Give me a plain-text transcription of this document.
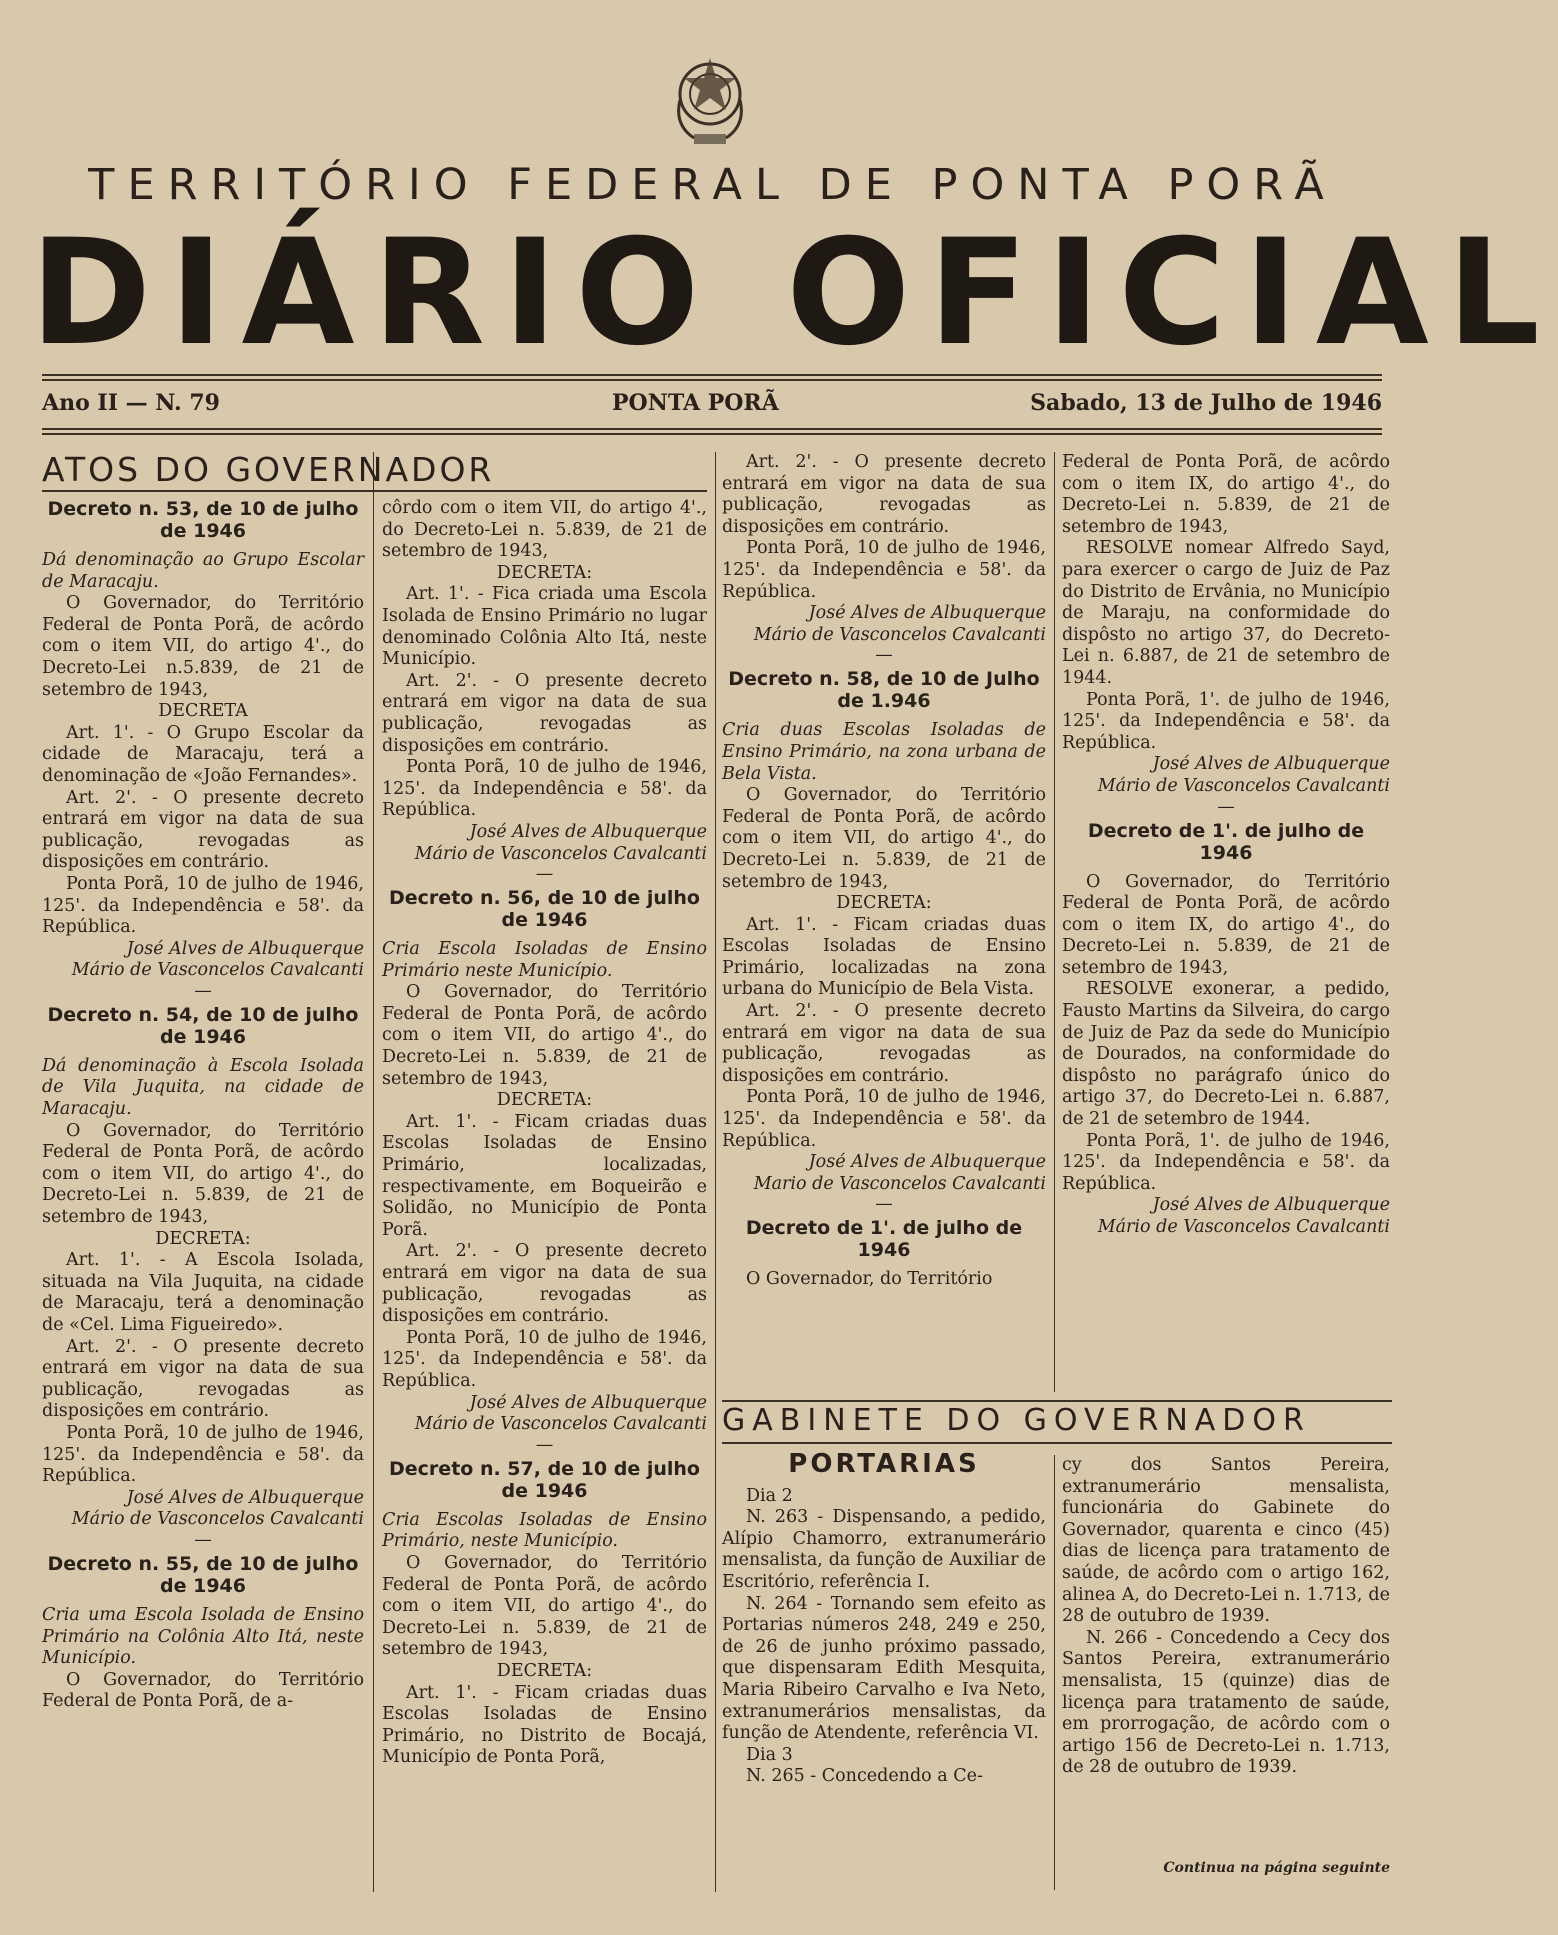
TERRITÓRIO FEDERAL DE PONTA PORÃ
DIÁRIO OFICIAL
Ano II — N. 79	PONTA PORÃ	Sabado, 13 de Julho de 1946
ATOS DO GOVERNADOR
Decreto n. 53, de 10 de julho de 1946

Dá denominação ao Grupo Escolar de Maracaju.

O Governador, do Território Federal de Ponta Porã, de acôrdo com o item VII, do artigo 4'., do Decreto-Lei n.5.839, de 21 de setembro de 1943,

DECRETA

Art. 1'. - O Grupo Escolar da cidade de Maracaju, terá a denominação de «João Fernandes».

Art. 2'. - O presente decreto entrará em vigor na data de sua publicação, revogadas as disposições em contrário.

Ponta Porã, 10 de julho de 1946, 125'. da Independência e 58'. da República.

José Alves de Albuquerque

Mário de Vasconcelos Cavalcanti

—
Decreto n. 54, de 10 de julho de 1946

Dá denominação à Escola Isolada de Vila Juquita, na cidade de Maracaju.

O Governador, do Território Federal de Ponta Porã, de acôrdo com o item VII, do artigo 4'., do Decreto-Lei n. 5.839, de 21 de setembro de 1943,

DECRETA:

Art. 1'. - A Escola Isolada, situada na Vila Juquita, na cidade de Maracaju, terá a denominação de «Cel. Lima Figueiredo».

Art. 2'. - O presente decreto entrará em vigor na data de sua publicação, revogadas as disposições em contrário.

Ponta Porã, 10 de julho de 1946, 125'. da Independência e 58'. da República.

José Alves de Albuquerque

Mário de Vasconcelos Cavalcanti

—
Decreto n. 55, de 10 de julho de 1946

Cria uma Escola Isolada de Ensino Primário na Colônia Alto Itá, neste Município.

O Governador, do Território Federal de Ponta Porã, de a-

côrdo com o item VII, do artigo 4'., do Decreto-Lei n. 5.839, de 21 de setembro de 1943,

DECRETA:

Art. 1'. - Fica criada uma Escola Isolada de Ensino Primário no lugar denominado Colônia Alto Itá, neste Município.

Art. 2'. - O presente decreto entrará em vigor na data de sua publicação, revogadas as disposições em contrário.

Ponta Porã, 10 de julho de 1946, 125'. da Independência e 58'. da República.

José Alves de Albuquerque

Mário de Vasconcelos Cavalcanti

—
Decreto n. 56, de 10 de julho de 1946

Cria Escola Isoladas de Ensino Primário neste Município.

O Governador, do Território Federal de Ponta Porã, de acôrdo com o item VII, do artigo 4'., do Decreto-Lei n. 5.839, de 21 de setembro de 1943,

DECRETA:

Art. 1'. - Ficam criadas duas Escolas Isoladas de Ensino Primário, localizadas, respectivamente, em Boqueirão e Solidão, no Município de Ponta Porã.

Art. 2'. - O presente decreto entrará em vigor na data de sua publicação, revogadas as disposições em contrário.

Ponta Porã, 10 de julho de 1946, 125'. da Independência e 58'. da República.

José Alves de Albuquerque

Mário de Vasconcelos Cavalcanti

—
Decreto n. 57, de 10 de julho de 1946

Cria Escolas Isoladas de Ensino Primário, neste Município.

O Governador, do Território Federal de Ponta Porã, de acôrdo com o item VII, do artigo 4'., do Decreto-Lei n. 5.839, de 21 de setembro de 1943,

DECRETA:

Art. 1'. - Ficam criadas duas Escolas Isoladas de Ensino Primário, no Distrito de Bocajá, Município de Ponta Porã,

Art. 2'. - O presente decreto entrará em vigor na data de sua publicação, revogadas as disposições em contrário.

Ponta Porã, 10 de julho de 1946, 125'. da Independência e 58'. da República.

José Alves de Albuquerque

Mário de Vasconcelos Cavalcanti

—
Decreto n. 58, de 10 de Julho de 1.946

Cria duas Escolas Isoladas de Ensino Primário, na zona urbana de Bela Vista.

O Governador, do Território Federal de Ponta Porã, de acôrdo com o item VII, do artigo 4'., do Decreto-Lei n. 5.839, de 21 de setembro de 1943,

DECRETA:

Art. 1'. - Ficam criadas duas Escolas Isoladas de Ensino Primário, localizadas na zona urbana do Município de Bela Vista.

Art. 2'. - O presente decreto entrará em vigor na data de sua publicação, revogadas as disposições em contrário.

Ponta Porã, 10 de julho de 1946, 125'. da Independência e 58'. da República.

José Alves de Albuquerque

Mario de Vasconcelos Cavalcanti

—
Decreto de 1'. de julho de 1946

O Governador, do Território

Federal de Ponta Porã, de acôrdo com o item IX, do artigo 4'., do Decreto-Lei n. 5.839, de 21 de setembro de 1943,

RESOLVE nomear Alfredo Sayd, para exercer o cargo de Juiz de Paz do Distrito de Ervânia, no Município de Maraju, na conformidade do dispôsto no artigo 37, do Decreto-Lei n. 6.887, de 21 de setembro de 1944.

Ponta Porã, 1'. de julho de 1946, 125'. da Independência e 58'. da República.

José Alves de Albuquerque

Mário de Vasconcelos Cavalcanti

—
Decreto de 1'. de julho de 1946

O Governador, do Território Federal de Ponta Porã, de acôrdo com o item IX, do artigo 4'., do Decreto-Lei n. 5.839, de 21 de setembro de 1943,

RESOLVE exonerar, a pedido, Fausto Martins da Silveira, do cargo de Juiz de Paz da sede do Município de Dourados, na conformidade do dispôsto no parágrafo único do artigo 37, do Decreto-Lei n. 6.887, de 21 de setembro de 1944.

Ponta Porã, 1'. de julho de 1946, 125'. da Independência e 58'. da República.

José Alves de Albuquerque

Mário de Vasconcelos Cavalcanti

GABINETE DO GOVERNADOR
PORTARIAS

Dia 2

N. 263 - Dispensando, a pedido, Alípio Chamorro, extranumerário mensalista, da função de Auxiliar de Escritório, referência I.

N. 264 - Tornando sem efeito as Portarias números 248, 249 e 250, de 26 de junho próximo passado, que dispensaram Edith Mesquita, Maria Ribeiro Carvalho e Iva Neto, extranumerários mensalistas, da função de Atendente, referência VI.

Dia 3

N. 265 - Concedendo a Ce-

cy dos Santos Pereira, extranumerário mensalista, funcionária do Gabinete do Governador, quarenta e cinco (45) dias de licença para tratamento de saúde, de acôrdo com o artigo 162, alinea A, do Decreto-Lei n. 1.713, de 28 de outubro de 1939.

N. 266 - Concedendo a Cecy dos Santos Pereira, extranumerário mensalista, 15 (quinze) dias de licença para tratamento de saúde, em prorrogação, de acôrdo com o artigo 156 de Decreto-Lei n. 1.713, de 28 de outubro de 1939.

Continua na página seguinte
